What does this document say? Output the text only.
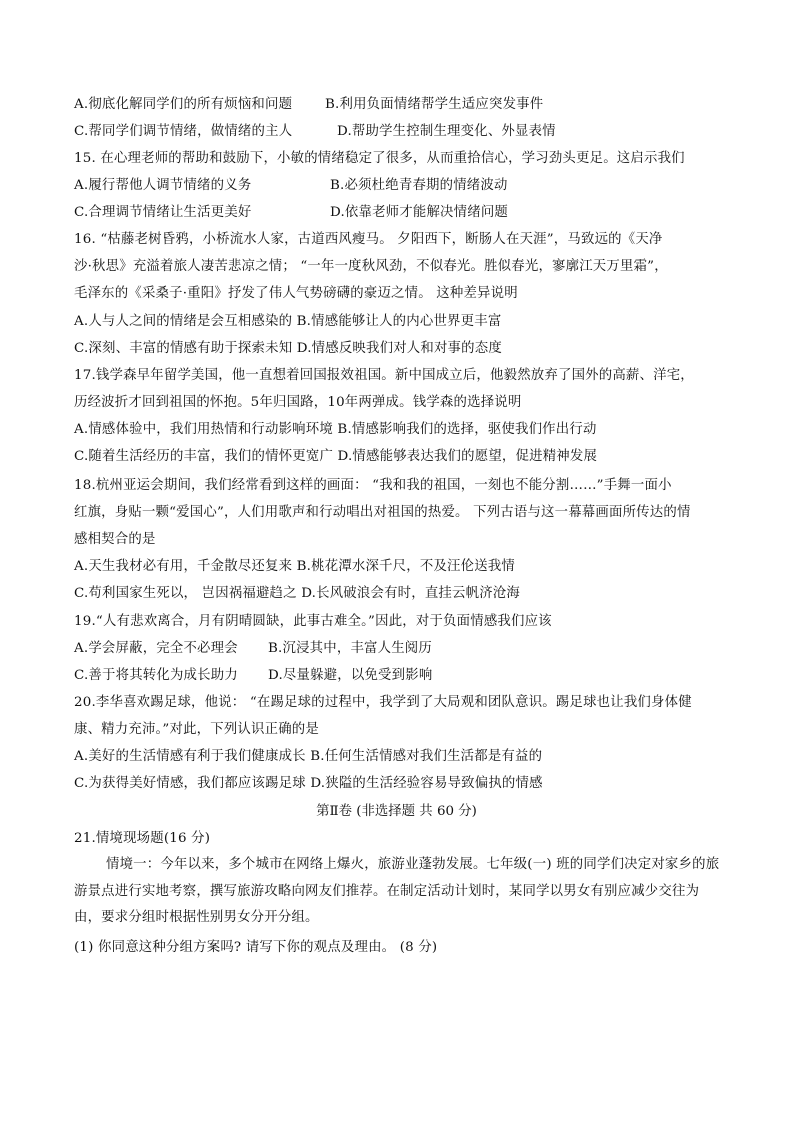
A.彻底化解同学们的所有烦恼和问题 B.利用负面情绪帮学生适应突发事件
C.帮同学们调节情绪，做情绪的主人	D.帮助学生控制生理变化、外显表情
15. 在心理老师的帮助和鼓励下，小敏的情绪稳定了很多，从而重拾信心，学习劲头更足。这启示我们
A.履行帮他人调节情绪的义务	B.必须杜绝青春期的情绪波动
C.合理调节情绪让生活更美好	D.依靠老师才能解决情绪问题
16. “枯藤老树昏鸦，小桥流水人家，古道西风瘦马。 夕阳西下，断肠人在天涯”，马致远的《天净
沙·秋思》充溢着旅人凄苦悲凉之情； “一年一度秋风劲，不似春光。胜似春光，寥廓江天万里霜”，
毛泽东的《采桑子·重阳》抒发了伟人气势磅礴的豪迈之情。 这种差异说明
A.人与人之间的情绪是会互相感染的 B.情感能够让人的内心世界更丰富
C.深刻、丰富的情感有助于探索未知 D.情感反映我们对人和对事的态度
17.钱学森早年留学美国，他一直想着回国报效祖国。新中国成立后，他毅然放弃了国外的高薪、洋宅，
历经波折才回到祖国的怀抱。5年归国路，10年两弹成。钱学森的选择说明
A.情感体验中，我们用热情和行动影响环境 B.情感影响我们的选择，驱使我们作出行动
C.随着生活经历的丰富，我们的情怀更宽广 D.情感能够表达我们的愿望，促进精神发展
18.杭州亚运会期间，我们经常看到这样的画面： “我和我的祖国，一刻也不能分割……”手舞一面小
红旗，身贴一颗“爱国心”，人们用歌声和行动唱出对祖国的热爱。 下列古语与这一幕幕画面所传达的情
感相契合的是
A.天生我材必有用，千金散尽还复来 B.桃花潭水深千尺，不及汪伦送我情
C.苟利国家生死以， 岂因祸福避趋之 D.长风破浪会有时，直挂云帆济沧海
19.“人有悲欢离合，月有阴晴圆缺，此事古难全。”因此，对于负面情感我们应该
A.学会屏蔽，完全不必理会 B.沉浸其中，丰富人生阅历
C.善于将其转化为成长助力 D.尽量躲避，以免受到影响
20.李华喜欢踢足球，他说： “在踢足球的过程中，我学到了大局观和团队意识。踢足球也让我们身体健
康、精力充沛。”对此，下列认识正确的是
A.美好的生活情感有利于我们健康成长 B.任何生活情感对我们生活都是有益的
C.为获得美好情感，我们都应该踢足球 D.狭隘的生活经验容易导致偏执的情感
第Ⅱ卷 (非选择题 共 60 分)
21.情境现场题(16 分)
情境一：今年以来，多个城市在网络上爆火，旅游业蓬勃发展。七年级(一) 班的同学们决定对家乡的旅游景点进行实地考察，撰写旅游攻略向网友们推荐。在制定活动计划时，某同学以男女有别应减少交往为由，要求分组时根据性别男女分开分组。
(1) 你同意这种分组方案吗? 请写下你的观点及理由。 (8 分)
